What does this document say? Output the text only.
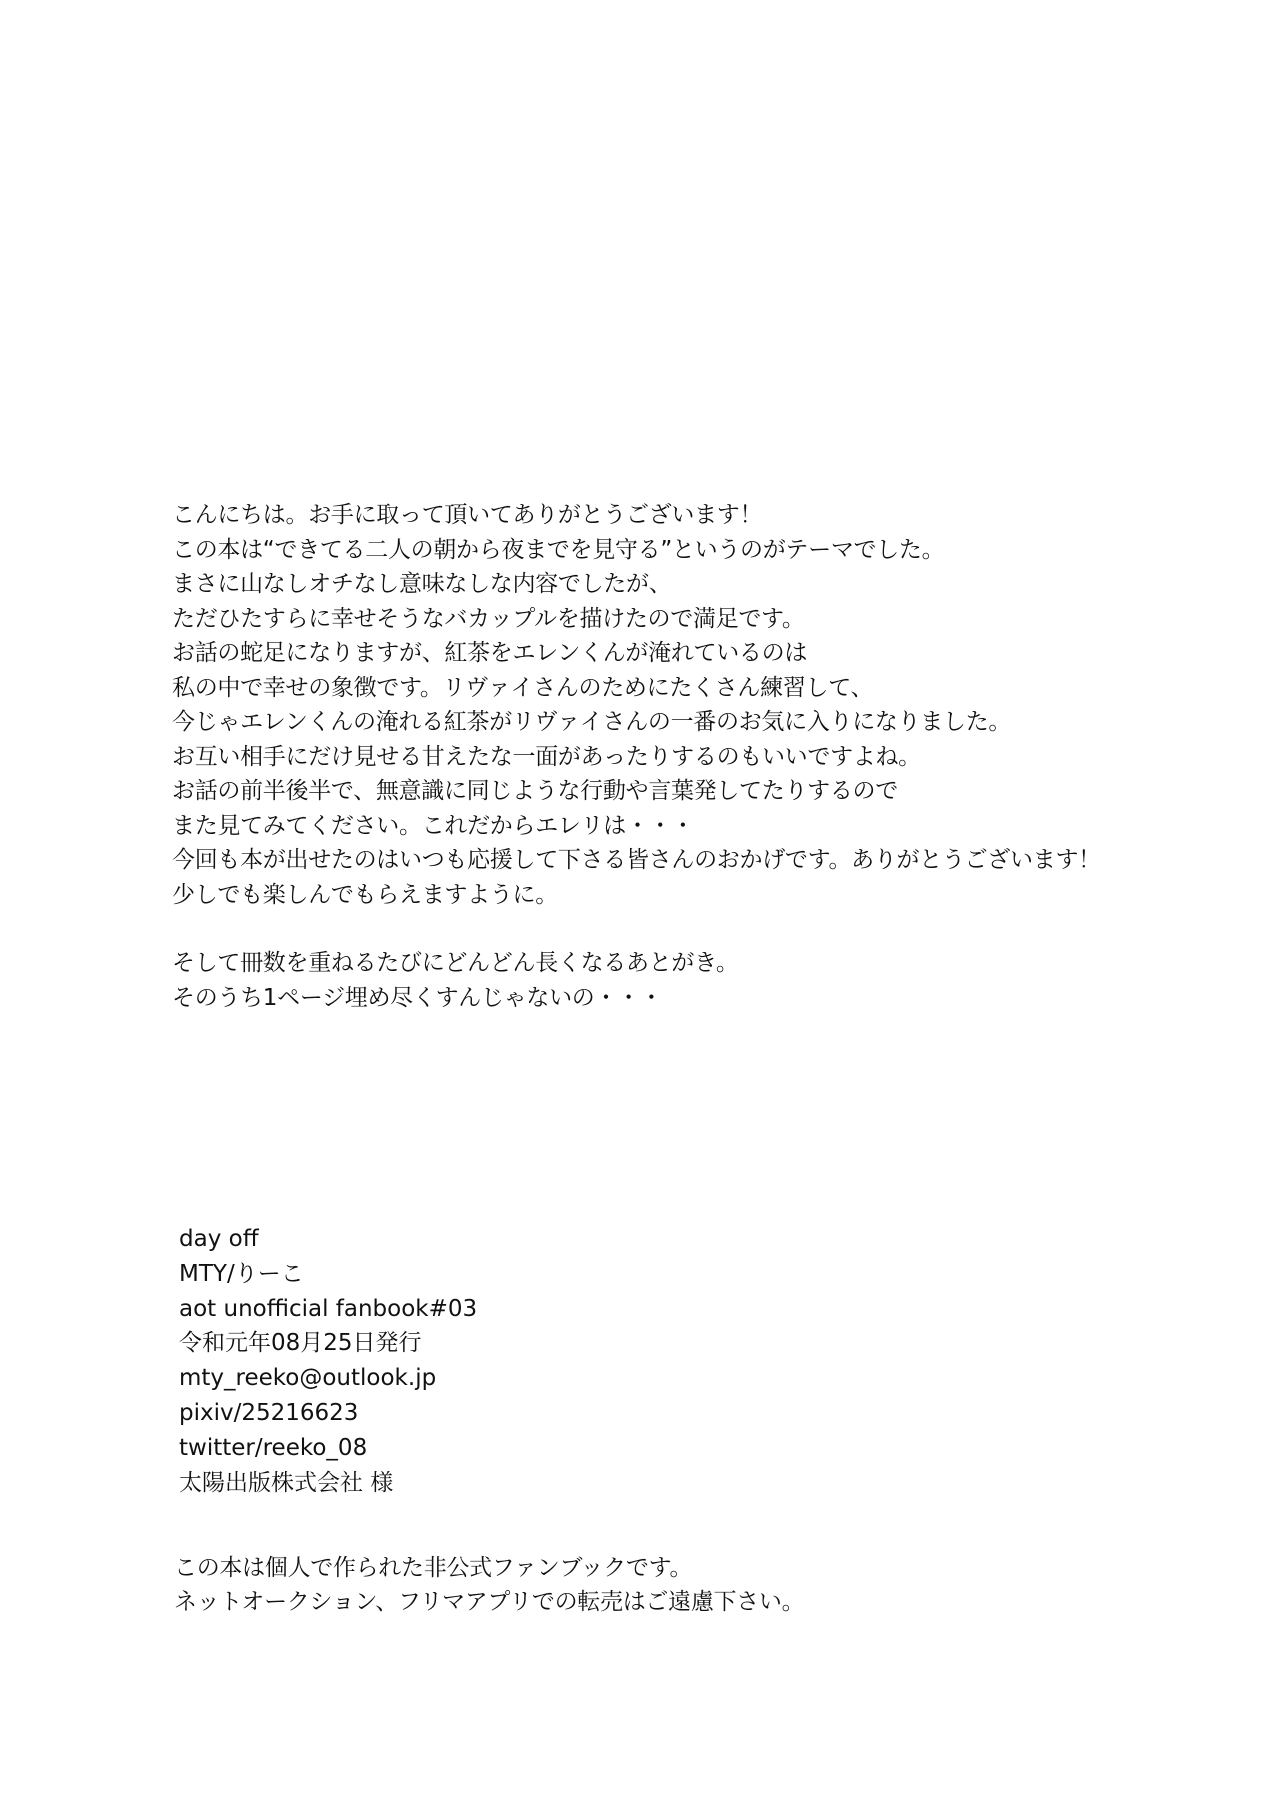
こんにちは。お手に取って頂いてありがとうございます！
この本は“できてる二人の朝から夜までを見守る”というのがテーマでした。
まさに山なしオチなし意味なしな内容でしたが、
ただひたすらに幸せそうなバカップルを描けたので満足です。
お話の蛇足になりますが、紅茶をエレンくんが淹れているのは
私の中で幸せの象徴です。リヴァイさんのためにたくさん練習して、
今じゃエレンくんの淹れる紅茶がリヴァイさんの一番のお気に入りになりました。
お互い相手にだけ見せる甘えたな一面があったりするのもいいですよね。
お話の前半後半で、無意識に同じような行動や言葉発してたりするので
また見てみてください。これだからエレリは・・・
今回も本が出せたのはいつも応援して下さる皆さんのおかげです。ありがとうございます！
少しでも楽しんでもらえますように。
そして冊数を重ねるたびにどんどん長くなるあとがき。
そのうち1ページ埋め尽くすんじゃないの・・・
day off
MTY/りーこ
aot unofficial fanbook#03
令和元年08月25日発行
mty_reeko@outlook.jp
pixiv/25216623
twitter/reeko_08
太陽出版株式会社 様
この本は個人で作られた非公式ファンブックです。
ネットオークション、フリマアプリでの転売はご遠慮下さい。
